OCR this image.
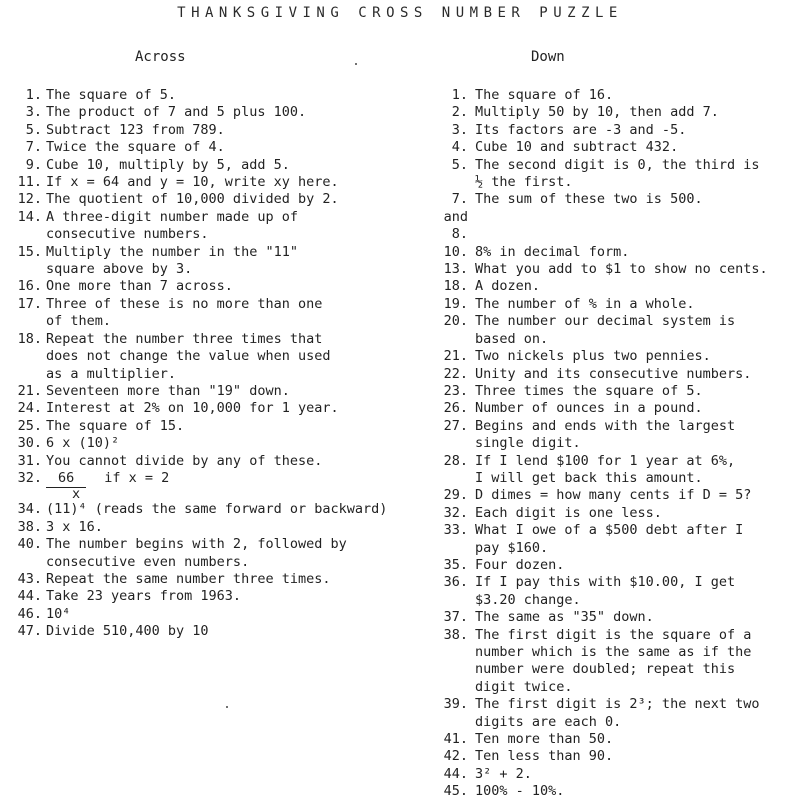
THANKSGIVING CROSS NUMBER PUZZLE
Across	Down
1. The square of 5.
3. The product of 7 and 5 plus 100.
5. Subtract 123 from 789.
7. Twice the square of 4.
9. Cube 10, multiply by 5, add 5.
11. If x = 64 and y = 10, write xy here.
12. The quotient of 10,000 divided by 2.
14. A three-digit number made up of
consecutive numbers.
15. Multiply the number in the "11"
square above by 3.
16. One more than 7 across.
17. Three of these is no more than one
of them.
18. Repeat the number three times that
does not change the value when used
as a multiplier.
21. Seventeen more than "19" down.
24. Interest at 2% on 10,000 for 1 year.
25. The square of 15.
30. 6 x (10)²
31. You cannot divide by any of these.
32.	66 if x = 2
x
34. (11)⁴ (reads the same forward or backward)
38. 3 x 16.
40. The number begins with 2, followed by
consecutive even numbers.
43. Repeat the same number three times.
44. Take 23 years from 1963.
46. 10⁴
47. Divide 510,400 by 10
1. The square of 16.
2. Multiply 50 by 10, then add 7.
3. Its factors are -3 and -5.
4. Cube 10 and subtract 432.
5. The second digit is 0, the third is
½ the first.
7. and 8.
The sum of these two is 500.
10. 8% in decimal form.
13. What you add to $1 to show no cents.
18. A dozen.
19. The number of % in a whole.
20. The number our decimal system is
based on.
21. Two nickels plus two pennies.
22. Unity and its consecutive numbers.
23. Three times the square of 5.
26. Number of ounces in a pound.
27. Begins and ends with the largest
single digit.
28. If I lend $100 for 1 year at 6%,
I will get back this amount.
29. D dimes = how many cents if D = 5?
32. Each digit is one less.
33. What I owe of a $500 debt after I
pay $160.
35. Four dozen.
36. If I pay this with $10.00, I get
$3.20 change.
37. The same as "35" down.
38. The first digit is the square of a
number which is the same as if the
number were doubled; repeat this
digit twice.
39. The first digit is 2³; the next two
digits are each 0.
41. Ten more than 50.
42. Ten less than 90.
44. 3² + 2.
45. 100% - 10%.
